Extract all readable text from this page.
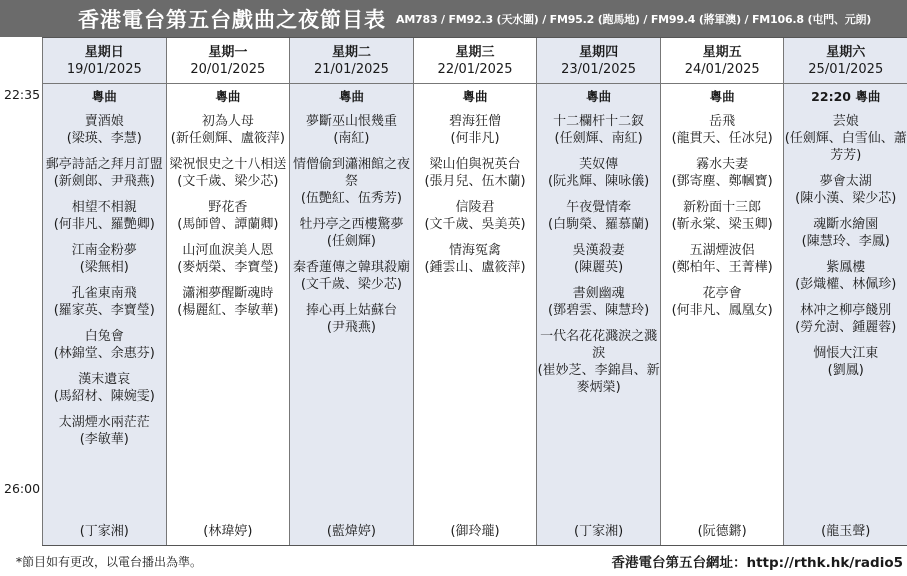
香港電台第五台戲曲之夜節目表 AM783 / FM92.3 (天水圍) / FM95.2 (跑馬地) / FM99.4 (將軍澳) / FM106.8 (屯門、元朗)
22:35
26:00
星期日
19/01/2025
粵曲
賣酒娘
(梁瑛、李慧)
郵亭詩話之拜月訂盟
(新劍郎、尹飛燕)
相望不相親
(何非凡、羅艷卿)
江南金粉夢
(梁無相)
孔雀東南飛
(羅家英、李寶瑩)
白兔會
(林錦堂、余惠芬)
漢末遺哀
(馬紹材、陳婉雯)
太湖煙水兩茫茫
(李敏華)
(丁家湘)
星期一
20/01/2025
粵曲
初為人母
(新任劍輝、盧筱萍)
梁祝恨史之十八相送
(文千歲、梁少芯)
野花香
(馬師曾、譚蘭卿)
山河血淚美人恩
(麥炳榮、李寶瑩)
瀟湘夢醒斷魂時
(楊麗紅、李敏華)
(林瑋婷)
星期二
21/01/2025
粵曲
夢斷巫山恨幾重
(南紅)
情僧偷到瀟湘館之夜祭
(伍艷紅、伍秀芳)
牡丹亭之西樓驚夢
(任劍輝)
秦香蓮傳之韓琪殺廟
(文千歲、梁少芯)
捧心再上姑蘇台
(尹飛燕)
(藍煒婷)
星期三
22/01/2025
粵曲
碧海狂僧
(何非凡)
梁山伯與祝英台
(張月兒、伍木蘭)
信陵君
(文千歲、吳美英)
情海冤禽
(鍾雲山、盧筱萍)
(御玲瓏)
星期四
23/01/2025
粵曲
十二欄杆十二釵
(任劍輝、南紅)
芙奴傳
(阮兆輝、陳咏儀)
午夜覺情牽
(白駒榮、羅慕蘭)
吳漢殺妻
(陳麗英)
書劍幽魂
(鄧碧雲、陳慧玲)
一代名花花濺淚之濺淚
(崔妙芝、李錦昌、新麥炳榮)
(丁家湘)
星期五
24/01/2025
粵曲
岳飛
(龍貫天、任冰兒)
霧水夫妻
(鄧寄塵、鄭幗寶)
新粉面十三郎
(靳永棠、梁玉卿)
五湖煙波侶
(鄭柏年、王菁樺)
花亭會
(何非凡、鳳凰女)
(阮德鏘)
星期六
25/01/2025
22:20 粵曲
芸娘
(任劍輝、白雪仙、蕭芳芳)
夢會太湖
(陳小漢、梁少芯)
魂斷水繪園
(陳慧玲、李鳳)
紫鳳樓
(彭熾權、林佩珍)
林冲之柳亭餞別
(勞允澍、鍾麗蓉)
惆悵大江東
(劉鳳)
(龍玉聲)
*節目如有更改，以電台播出為準。	香港電台第五台網址：http://rthk.hk/radio5
